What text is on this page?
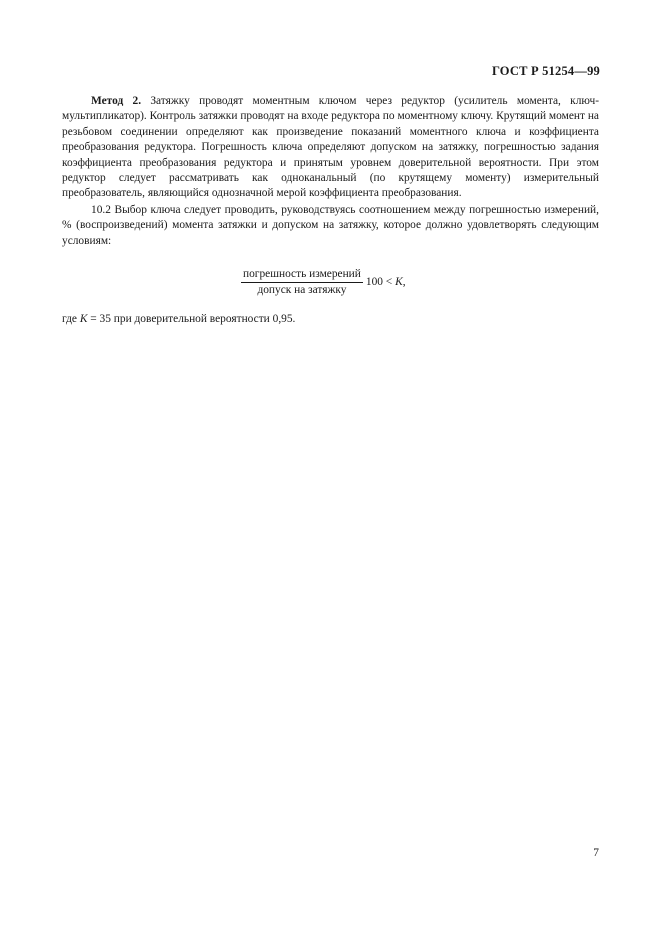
ГОСТ Р 51254—99

Метод 2. Затяжку проводят моментным ключом через редуктор (усилитель момента, ключ-мультипликатор). Контроль затяжки проводят на входе редуктора по моментному ключу. Крутящий момент на резьбовом соединении определяют как произведение показаний моментного ключа и коэффициента преобразования редуктора. Погрешность ключа определяют допуском на затяжку, погрешностью задания коэффициента преобразования редуктора и принятым уровнем доверительной вероятности. При этом редуктор следует рассматривать как одноканальный (по крутящему моменту) измерительный преобразователь, являющийся однозначной мерой коэффициента преобразования.

10.2 Выбор ключа следует проводить, руководствуясь соотношением между погрешностью измерений, % (воспроизведений) момента затяжки и допуском на затяжку, которое должно удовлетворять следующим условиям:

$\frac{\text{погрешность измерений}}{\text{допуск на затяжку}} 100 < K$,

где K = 35 при доверительной вероятности 0,95.

7
